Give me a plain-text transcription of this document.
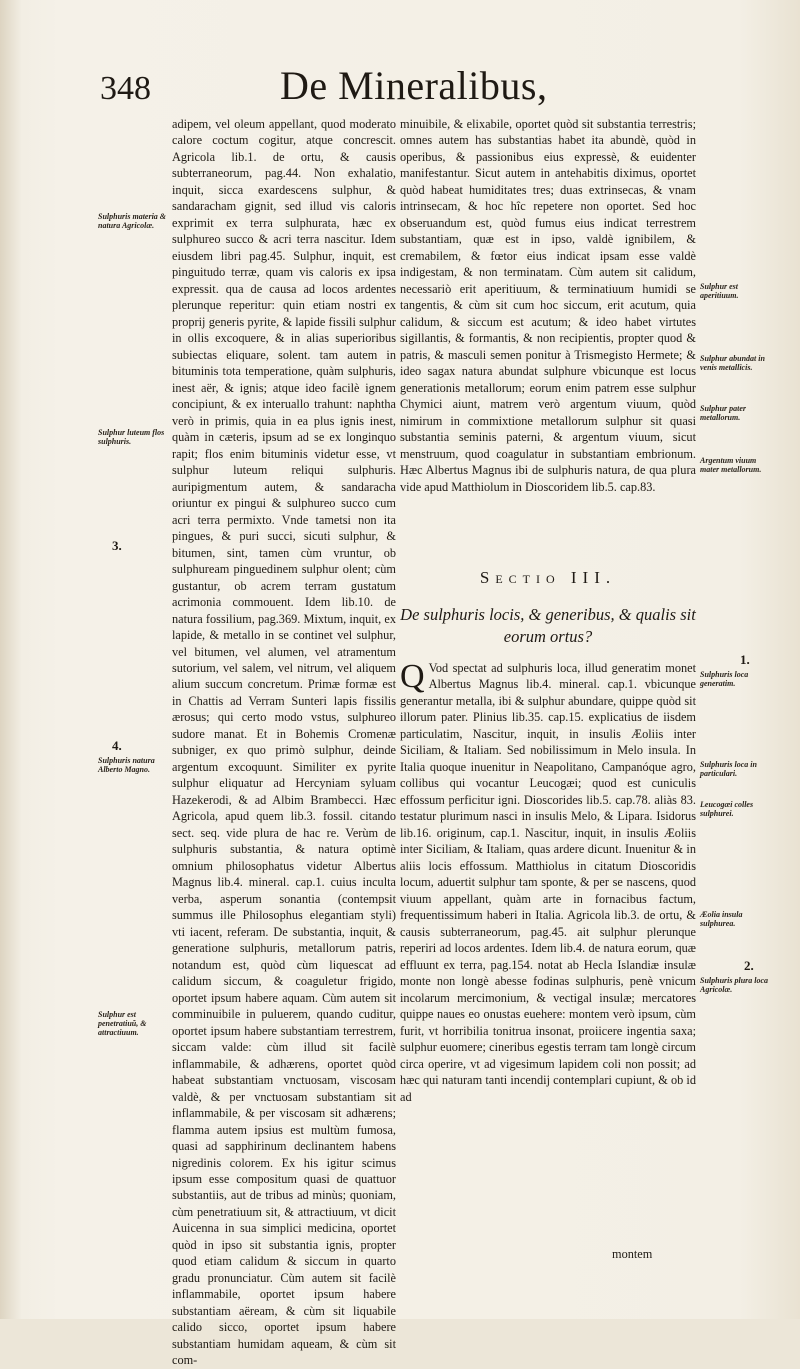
348	De Mineralibus,

adipem, vel oleum appellant, quod moderato calore coctum cogitur, atque concrescit. Agricola lib.1. de ortu, & causis subterraneorum, pag.44. Non exhalatio, inquit, sicca exardescens sulphur, & sandaracham gignit, sed illud vis caloris exprimit ex terra sulphurata, hæc ex sulphureo succo & acri terra nascitur. Idem eiusdem libri pag.45. Sulphur, inquit, est pinguitudo terræ, quam vis caloris ex ipsa expressit. qua de causa ad locos ardentes plerunque reperitur: quin etiam nostri ex proprij generis pyrite, & lapide fissili sulphur in ollis excoquere, & in alias superioribus subiectas eliquare, solent. tam autem in bituminis tota temperatione, quàm sulphuris, inest aër, & ignis; atque ideo facilè ignem concipiunt, & ex interuallo trahunt: naphtha verò in primis, quia in ea plus ignis inest, quàm in cæteris, ipsum ad se ex longinquo rapit; flos enim bituminis videtur esse, vt sulphur luteum reliqui sulphuris. auripigmentum autem, & sandaracha oriuntur ex pingui & sulphureo succo cum acri terra permixto. Vnde tametsi non ita pingues, & puri succi, sicuti sulphur, & bitumen, sint, tamen cùm vruntur, ob sulphuream pinguedinem sulphur olent; cùm gustantur, ob acrem terram gustatum acrimonia commouent. Idem lib.10. de natura fossilium, pag.369. Mixtum, inquit, ex lapide, & metallo in se continet vel sulphur, vel bitumen, vel alumen, vel atramentum sutorium, vel salem, vel nitrum, vel aliquem alium succum concretum. Primæ formæ est in Chattis ad Verram Sunteri lapis fissilis ærosus; qui certo modo vstus, sulphureo sudore manat. Et in Bohemis Cromenæ subniger, ex quo primò sulphur, deinde argentum excoquunt. Similiter ex pyrite sulphur eliquatur ad Hercyniam syluam Hazekerodi, & ad Albim Brambecci. Hæc Agricola, apud quem lib.3. fossil. citando sect. seq. vide plura de hac re. Verùm de sulphuris substantia, & natura optimè omnium philosophatus videtur Albertus Magnus lib.4. mineral. cap.1. cuius inculta verba, asperum sonantia (contempsit summus ille Philosophus elegantiam styli) vti iacent, referam. De substantia, inquit, & generatione sulphuris, metallorum patris, notandum est, quòd cùm liquescat ad calidum siccum, & coaguletur frigido, oportet ipsum habere aquam. Cùm autem sit comminuibile in puluerem, quando cuditur, oportet ipsum habere substantiam terrestrem, siccam valde: cùm illud sit facilè inflammabile, & adhærens, oportet quòd habeat substantiam vnctuosam, viscosam valdè, & per vnctuosam substantiam sit inflammabile, & per viscosam sit adhærens; flamma autem ipsius est multùm fumosa, quasi ad sapphirinum declinantem habens nigredinis colorem. Ex his igitur scimus ipsum esse compositum quasi de quattuor substantiis, aut de tribus ad minùs; quoniam, cùm penetratiuum sit, & attractiuum, vt dicit Auicenna in sua simplici medicina, oportet quòd in ipso sit substantia ignis, propter quod etiam calidum & siccum in quarto gradu pronunciatur. Cùm autem sit facilè inflammabile, oportet ipsum habere substantiam aëream, & cùm sit liquabile calido sicco, oportet ipsum habere substantiam humidam aqueam, & cùm sit com-

minuibile, & elixabile, oportet quòd sit substantia terrestris; omnes autem has substantias habet ita abundè, quòd in operibus, & passionibus eius expressè, & euidenter manifestantur. Sicut autem in antehabitis diximus, oportet quòd habeat humiditates tres; duas extrinsecas, & vnam intrinsecam, & hoc hîc repetere non oportet. Sed hoc obseruandum est, quòd fumus eius indicat terrestrem substantiam, quæ est in ipso, valdè ignibilem, & cremabilem, & fœtor eius indicat ipsam esse valdè indigestam, & non terminatam. Cùm autem sit calidum, necessariò erit aperitiuum, & terminatiuum humidi se tangentis, & cùm sit cum hoc siccum, erit acutum, quia calidum, & siccum est acutum; & ideo habet virtutes sigillantis, & formantis, & non recipientis, propter quod & patris, & masculi semen ponitur à Trismegisto Hermete; & ideo sagax natura abundat sulphure vbicunque est locus generationis metallorum; eorum enim patrem esse sulphur Chymici aiunt, matrem verò argentum viuum, quòd nimirum in commixtione metallorum sulphur sit quasi substantia seminis paterni, & argentum viuum, sicut menstruum, quod coagulatur in substantiam embrionum. Hæc Albertus Magnus ibi de sulphuris natura, de qua plura vide apud Matthiolum in Dioscoridem lib.5. cap.83.

Sectio III.
De sulphuris locis, & generibus, & qualis sit eorum ortus?
Q Vod spectat ad sulphuris loca, illud generatim monet Albertus Magnus lib.4. mineral. cap.1. vbicunque generantur metalla, ibi & sulphur abundare, quippe quòd sit illorum pater. Plinius lib.35. cap.15. explicatius de iisdem particulatim, Nascitur, inquit, in insulis Æoliis inter Siciliam, & Italiam. Sed nobilissimum in Melo insula. In Italia quoque inuenitur in Neapolitano, Campanóque agro, collibus qui vocantur Leucogæi; quod est cuniculis effossum perficitur igni. Dioscorides lib.5. cap.78. aliàs 83. testatur plurimum nasci in insulis Melo, & Lipara. Isidorus lib.16. originum, cap.1. Nascitur, inquit, in insulis Æoliis inter Siciliam, & Italiam, quas ardere dicunt. Inuenitur & in aliis locis effossum. Matthiolus in citatum Dioscoridis locum, aduertit sulphur tam sponte, & per se nascens, quod viuum appellant, quàm arte in fornacibus factum, frequentissimum haberi in Italia. Agricola lib.3. de ortu, & causis subterraneorum, pag.45. ait sulphur plerunque reperiri ad locos ardentes. Idem lib.4. de natura eorum, quæ effluunt ex terra, pag.154. notat ab Hecla Islandiæ insulæ monte non longè abesse fodinas sulphuris, penè vnicum incolarum mercimonium, & vectigal insulæ; mercatores quippe naues eo onustas euehere: montem verò ipsum, cùm furit, vt horribilia tonitrua insonat, proiicere ingentia saxa; sulphur euomere; cineribus egestis terram tam longè circum circa operire, vt ad vigesimum lapidem coli non possit; ad hæc qui naturam tanti incendij contemplari cupiunt, & ob id ad
montem
Sulphuris materia & natura Agricolæ.
Sulphur luteum flos sulphuris.
3.
4.
Sulphuris natura Alberto Magno.
Sulphur est penetratiuũ, & attractiuum.
Sulphur est aperitiuum.
Sulphur abundat in venis metallicis.
Sulphur pater metallorum.
Argentum viuum mater metallorum.
1.
Sulphuris loca generatim.
Sulphuris loca in particulari.
Leucogæi colles sulphurei.
Æolia insula sulphurea.
2.
Sulphuris plura loca Agricolæ.
